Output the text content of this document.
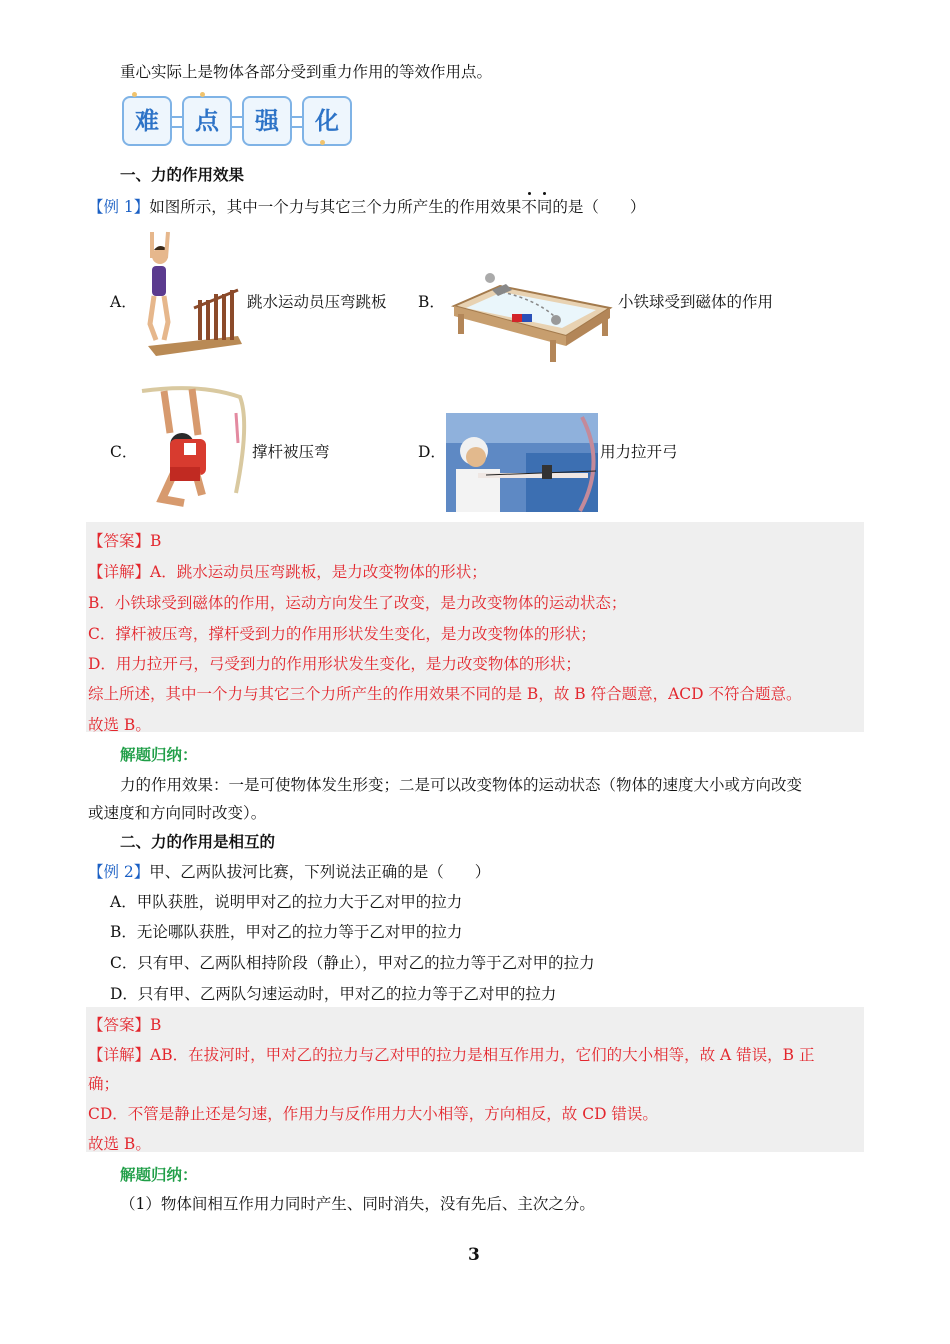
重心实际上是物体各部分受到重力作用的等效作用点。
难	点	强	化
一、力的作用效果
【例 1】如图所示，其中一个力与其它三个力所产生的作用效果不同的是（　　）
A．	跳水运动员压弯跳板 B．	小铁球受到磁体的作用
C．	撑杆被压弯	D．	用力拉开弓
【答案】B
【详解】A．跳水运动员压弯跳板，是力改变物体的形状；
B．小铁球受到磁体的作用，运动方向发生了改变，是力改变物体的运动状态；
C．撑杆被压弯，撑杆受到力的作用形状发生变化，是力改变物体的形状；
D．用力拉开弓，弓受到力的作用形状发生变化，是力改变物体的形状；
综上所述，其中一个力与其它三个力所产生的作用效果不同的是 B，故 B 符合题意，ACD 不符合题意。
故选 B。
解题归纳：
力的作用效果：一是可使物体发生形变；二是可以改变物体的运动状态（物体的速度大小或方向改变
或速度和方向同时改变）。
二、力的作用是相互的
【例 2】甲、乙两队拔河比赛，下列说法正确的是（　　）
A．甲队获胜，说明甲对乙的拉力大于乙对甲的拉力
B．无论哪队获胜，甲对乙的拉力等于乙对甲的拉力
C．只有甲、乙两队相持阶段（静止），甲对乙的拉力等于乙对甲的拉力
D．只有甲、乙两队匀速运动时，甲对乙的拉力等于乙对甲的拉力
【答案】B
【详解】AB．在拔河时，甲对乙的拉力与乙对甲的拉力是相互作用力，它们的大小相等，故 A 错误，B 正
确；
CD．不管是静止还是匀速，作用力与反作用力大小相等，方向相反，故 CD 错误。
故选 B。
解题归纳：
（1）物体间相互作用力同时产生、同时消失，没有先后、主次之分。
3
